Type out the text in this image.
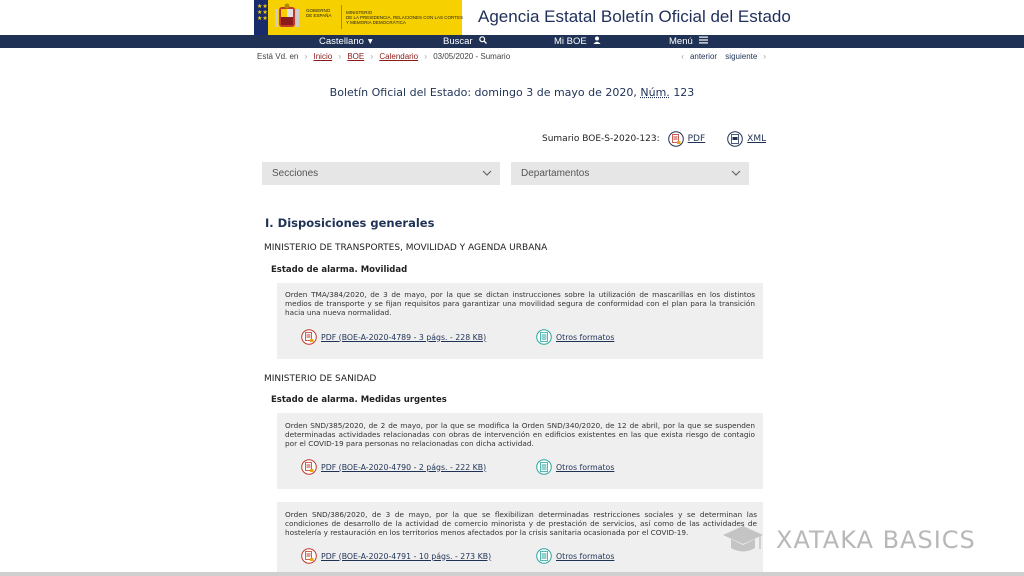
★★ ★★ ★★
GOBIERNO
DE ESPAÑA
MINISTERIO
DE LA PRESIDENCIA, RELACIONES CON LAS CORTES
Y MEMORIA DEMOCRÁTICA	Agencia Estatal Boletín Oficial del Estado
Castellano ▾	Buscar	Mi BOE	Menú
Está Vd. en › Inicio › BOE › Calendario › 03/05/2020 - Sumario	‹ anterior siguiente ›
Boletín Oficial del Estado: domingo 3 de mayo de 2020, Núm. 123
Sumario BOE-S-2020-123:	PDF	XML
Secciones	Departamentos
I. Disposiciones generales
MINISTERIO DE TRANSPORTES, MOVILIDAD Y AGENDA URBANA
Estado de alarma. Movilidad
Orden TMA/384/2020, de 3 de mayo, por la que se dictan instrucciones sobre la utilización de mascarillas en los distintos medios de transporte y se fijan requisitos para garantizar una movilidad segura de conformidad con el plan para la transición hacia una nueva normalidad.
PDF (BOE-A-2020-4789 - 3 págs. - 228 KB)	Otros formatos
MINISTERIO DE SANIDAD
Estado de alarma. Medidas urgentes
Orden SND/385/2020, de 2 de mayo, por la que se modifica la Orden SND/340/2020, de 12 de abril, por la que se suspenden determinadas actividades relacionadas con obras de intervención en edificios existentes en las que exista riesgo de contagio por el COVID-19 para personas no relacionadas con dicha actividad.
PDF (BOE-A-2020-4790 - 2 págs. - 222 KB)	Otros formatos
Orden SND/386/2020, de 3 de mayo, por la que se flexibilizan determinadas restricciones sociales y se determinan las condiciones de desarrollo de la actividad de comercio minorista y de prestación de servicios, así como de las actividades de hostelería y restauración en los territorios menos afectados por la crisis sanitaria ocasionada por el COVID-19.
PDF (BOE-A-2020-4791 - 10 págs. - 273 KB)	Otros formatos
XATAKA BASICS
